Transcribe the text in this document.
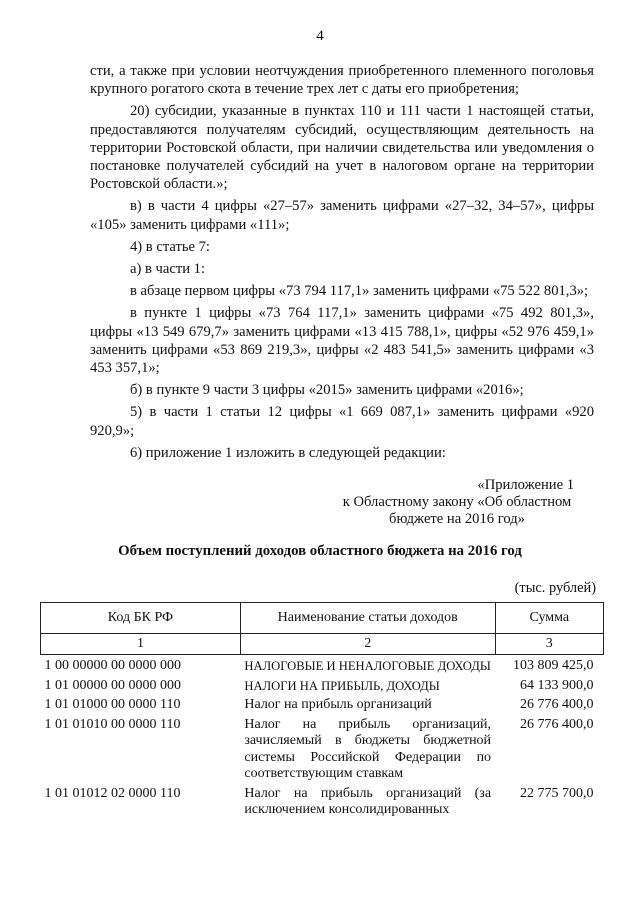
4

сти, а также при условии неотчуждения приобретенного племенного поголовья крупного рогатого скота в течение трех лет с даты его приобретения;

20) субсидии, указанные в пунктах 110 и 111 части 1 настоящей статьи, предоставляются получателям субсидий, осуществляющим деятельность на территории Ростовской области, при наличии свидетельства или уведомления о постановке получателей субсидий на учет в налоговом органе на территории Ростовской области.»;

в) в части 4 цифры «27–57» заменить цифрами «27–32, 34–57», цифры «105» заменить цифрами «111»;

4) в статье 7:

а) в части 1:

в абзаце первом цифры «73 794 117,1» заменить цифрами «75 522 801,3»;

в пункте 1 цифры «73 764 117,1» заменить цифрами «75 492 801,3», цифры «13 549 679,7» заменить цифрами «13 415 788,1», цифры «52 976 459,1» заменить цифрами «53 869 219,3», цифры «2 483 541,5» заменить цифрами «3 453 357,1»;

б) в пункте 9 части 3 цифры «2015» заменить цифрами «2016»;

5) в части 1 статьи 12 цифры «1 669 087,1» заменить цифрами «920 920,9»;

6) приложение 1 изложить в следующей редакции:

«Приложение 1
к Областному закону «Об областном
бюджете на 2016 год»
Объем поступлений доходов областного бюджета на 2016 год
(тыс. рублей)
Код БК РФ	Наименование статьи доходов	Сумма
1	2	3
1 00 00000 00 0000 000	НАЛОГОВЫЕ И НЕНАЛОГОВЫЕ ДОХОДЫ	103 809 425,0
1 01 00000 00 0000 000	НАЛОГИ НА ПРИБЫЛЬ, ДОХОДЫ	64 133 900,0
1 01 01000 00 0000 110	Налог на прибыль организаций	26 776 400,0
1 01 01010 00 0000 110	Налог на прибыль организаций, зачисляемый в бюджеты бюджетной системы Российской Федерации по соответствующим ставкам	26 776 400,0
1 01 01012 02 0000 110	Налог на прибыль организаций (за исключением консолидированных	22 775 700,0
